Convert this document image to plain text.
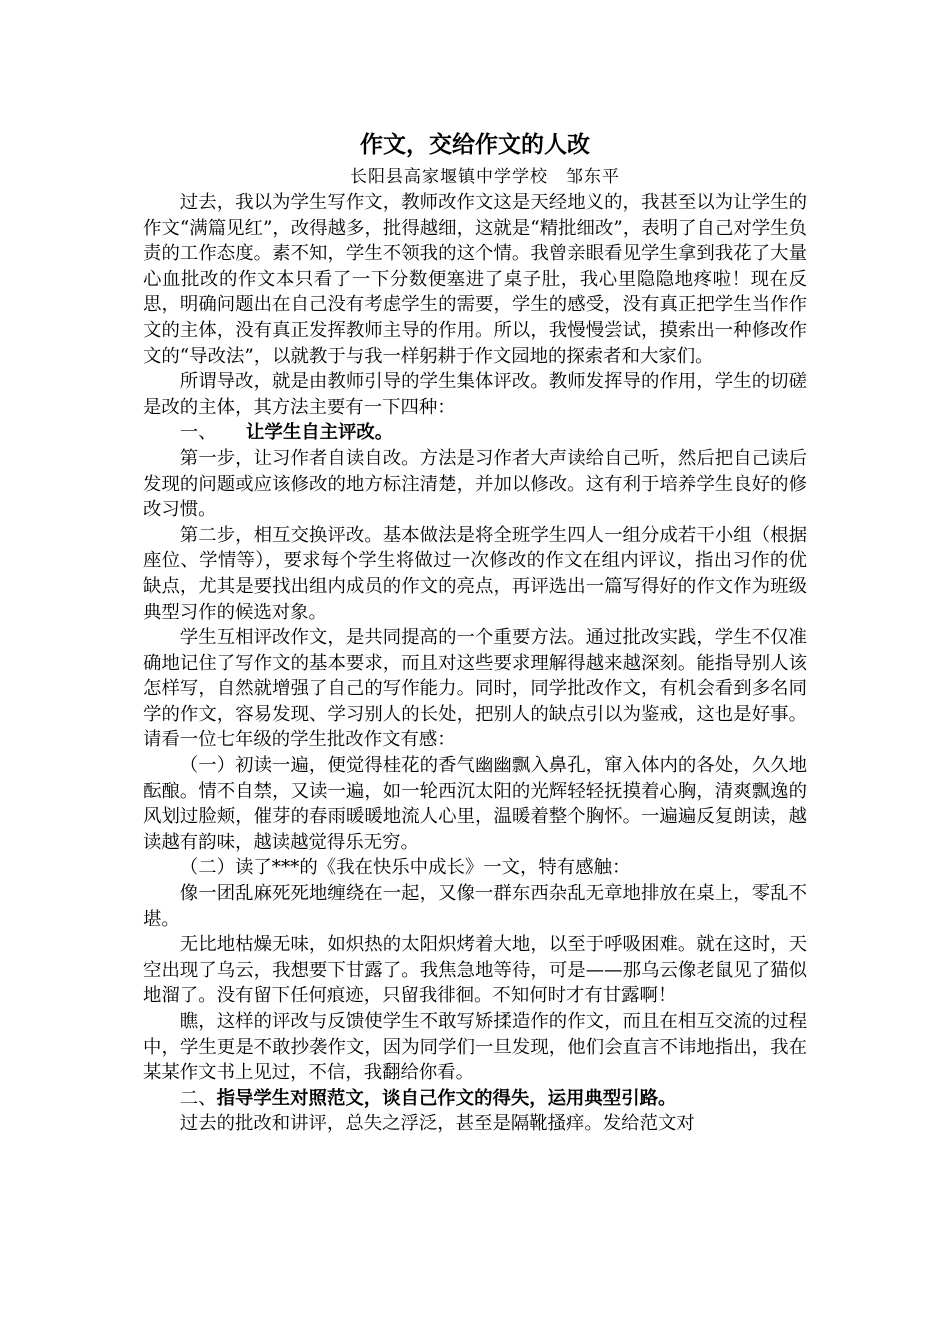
作文，交给作文的人改

长阳县高家堰镇中学学校　邹东平

过去，我以为学生写作文，教师改作文这是天经地义的，我甚至以为让学生的作文“满篇见红”，改得越多，批得越细，这就是“精批细改”，表明了自己对学生负责的工作态度。素不知，学生不领我的这个情。我曾亲眼看见学生拿到我花了大量心血批改的作文本只看了一下分数便塞进了桌子肚，我心里隐隐地疼啦！现在反思，明确问题出在自己没有考虑学生的需要，学生的感受，没有真正把学生当作作文的主体，没有真正发挥教师主导的作用。所以，我慢慢尝试，摸索出一种修改作文的“导改法”，以就教于与我一样躬耕于作文园地的探索者和大家们。

所谓导改，就是由教师引导的学生集体评改。教师发挥导的作用，学生的切磋是改的主体，其方法主要有一下四种：

一、 让学生自主评改。

第一步，让习作者自读自改。方法是习作者大声读给自己听，然后把自己读后发现的问题或应该修改的地方标注清楚，并加以修改。这有利于培养学生良好的修改习惯。

第二步，相互交换评改。基本做法是将全班学生四人一组分成若干小组（根据座位、学情等），要求每个学生将做过一次修改的作文在组内评议，指出习作的优缺点，尤其是要找出组内成员的作文的亮点，再评选出一篇写得好的作文作为班级典型习作的候选对象。

学生互相评改作文，是共同提高的一个重要方法。通过批改实践，学生不仅准确地记住了写作文的基本要求，而且对这些要求理解得越来越深刻。能指导别人该怎样写，自然就增强了自己的写作能力。同时，同学批改作文，有机会看到多名同学的作文，容易发现、学习别人的长处，把别人的缺点引以为鉴戒，这也是好事。请看一位七年级的学生批改作文有感：

（一）初读一遍，便觉得桂花的香气幽幽飘入鼻孔，窜入体内的各处，久久地酝酿。情不自禁，又读一遍，如一轮西沉太阳的光辉轻轻抚摸着心胸，清爽飘逸的风划过脸颊，催芽的春雨暖暖地流人心里，温暖着整个胸怀。一遍遍反复朗读，越读越有韵味，越读越觉得乐无穷。

（二）读了***的《我在快乐中成长》一文，特有感触：

像一团乱麻死死地缠绕在一起，又像一群东西杂乱无章地排放在桌上，零乱不堪。

无比地枯燥无味，如炽热的太阳炽烤着大地，以至于呼吸困难。就在这时，天空出现了乌云，我想要下甘露了。我焦急地等待，可是——那乌云像老鼠见了猫似地溜了。没有留下任何痕迹，只留我徘徊。不知何时才有甘露啊！

瞧，这样的评改与反馈使学生不敢写矫揉造作的作文，而且在相互交流的过程中，学生更是不敢抄袭作文，因为同学们一旦发现，他们会直言不讳地指出，我在某某作文书上见过，不信，我翻给你看。

二、指导学生对照范文，谈自己作文的得失，运用典型引路。

过去的批改和讲评，总失之浮泛，甚至是隔靴搔痒。发给范文对
